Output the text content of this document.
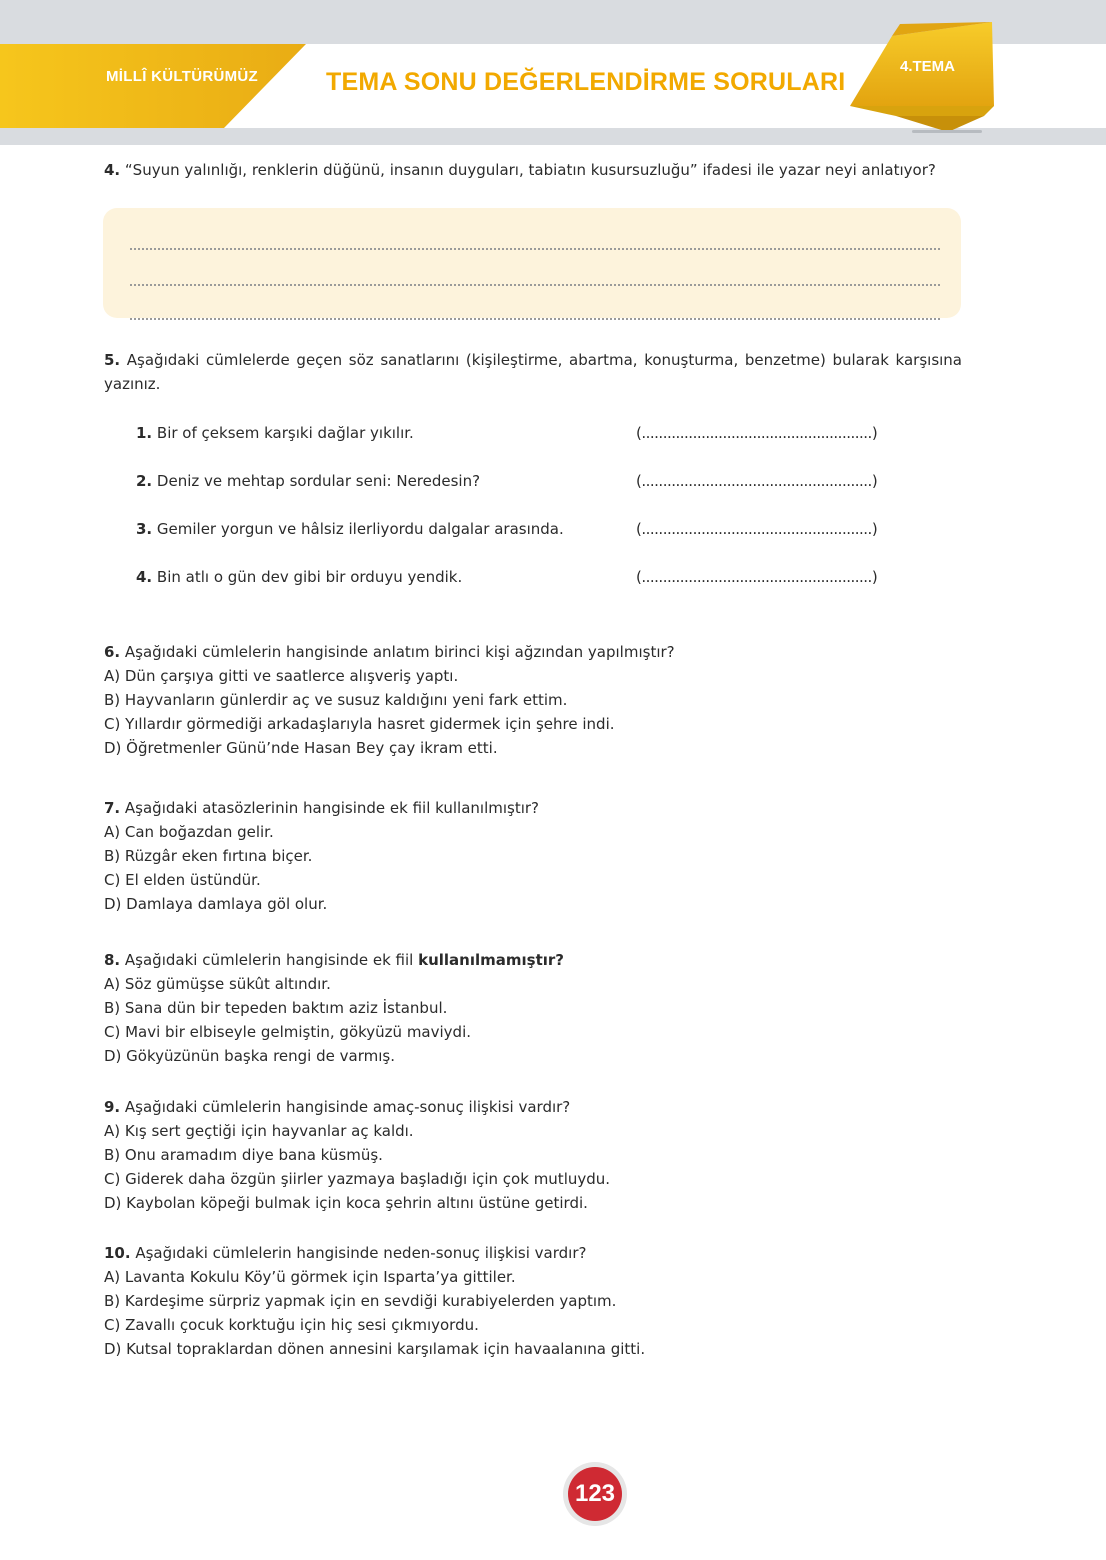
MİLLÎ KÜLTÜRÜMÜZ	TEMA SONU DEĞERLENDİRME SORULARI
4.TEMA
4. “Suyun yalınlığı, renklerin düğünü, insanın duyguları, tabiatın kusursuzluğu” ifadesi ile yazar neyi anlatıyor?
5. Aşağıdaki cümlelerde geçen söz sanatlarını (kişileştirme, abartma, konuşturma, benzetme) bularak karşısına yazınız.
1. Bir of çeksem karşıki dağlar yıkılır.	(......................................................)
2. Deniz ve mehtap sordular seni: Neredesin?	(......................................................)
3. Gemiler yorgun ve hâlsiz ilerliyordu dalgalar arasında.	(......................................................)
4. Bin atlı o gün dev gibi bir orduyu yendik.	(......................................................)
6. Aşağıdaki cümlelerin hangisinde anlatım birinci kişi ağzından yapılmıştır?
A) Dün çarşıya gitti ve saatlerce alışveriş yaptı.
B) Hayvanların günlerdir aç ve susuz kaldığını yeni fark ettim.
C) Yıllardır görmediği arkadaşlarıyla hasret gidermek için şehre indi.
D) Öğretmenler Günü’nde Hasan Bey çay ikram etti.
7. Aşağıdaki atasözlerinin hangisinde ek fiil kullanılmıştır?
A) Can boğazdan gelir.
B) Rüzgâr eken fırtına biçer.
C) El elden üstündür.
D) Damlaya damlaya göl olur.
8. Aşağıdaki cümlelerin hangisinde ek fiil kullanılmamıştır?
A) Söz gümüşse sükût altındır.
B) Sana dün bir tepeden baktım aziz İstanbul.
C) Mavi bir elbiseyle gelmiştin, gökyüzü maviydi.
D) Gökyüzünün başka rengi de varmış.
9. Aşağıdaki cümlelerin hangisinde amaç-sonuç ilişkisi vardır?
A) Kış sert geçtiği için hayvanlar aç kaldı.
B) Onu aramadım diye bana küsmüş.
C) Giderek daha özgün şiirler yazmaya başladığı için çok mutluydu.
D) Kaybolan köpeği bulmak için koca şehrin altını üstüne getirdi.
10. Aşağıdaki cümlelerin hangisinde neden-sonuç ilişkisi vardır?
A) Lavanta Kokulu Köy’ü görmek için Isparta’ya gittiler.
B) Kardeşime sürpriz yapmak için en sevdiği kurabiyelerden yaptım.
C) Zavallı çocuk korktuğu için hiç sesi çıkmıyordu.
D) Kutsal topraklardan dönen annesini karşılamak için havaalanına gitti.
123
